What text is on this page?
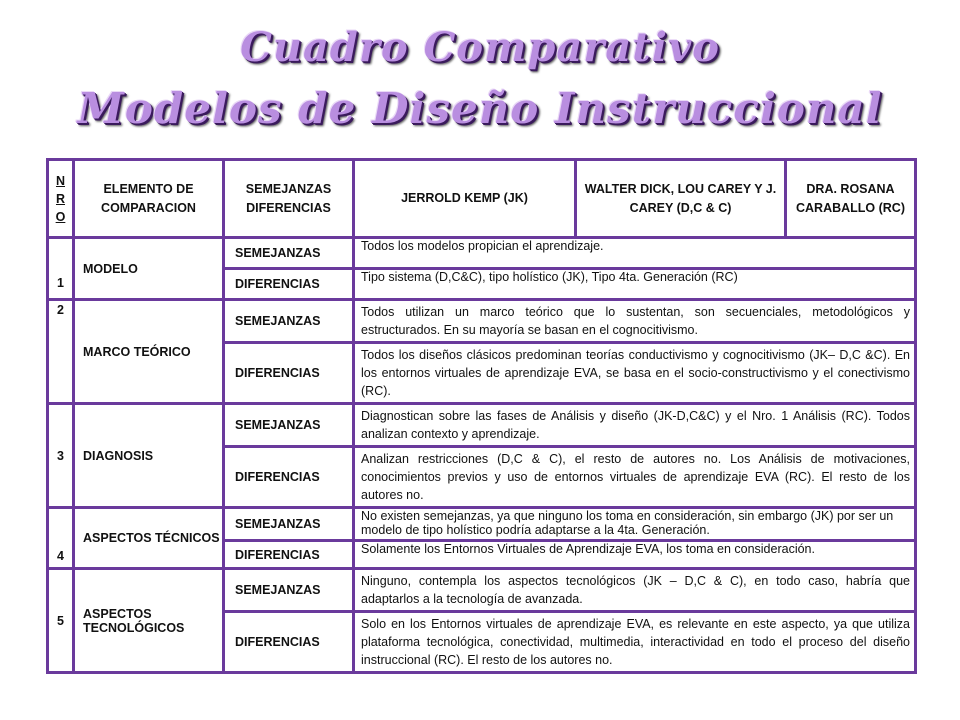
Cuadro Comparativo
Modelos de Diseño Instruccional
N
R
O	ELEMENTO DE COMPARACION	SEMEJANZAS DIFERENCIAS	JERROLD KEMP (JK)	WALTER DICK, LOU CAREY Y J. CAREY (D,C & C)	DRA. ROSANA CARABALLO (RC)
1	MODELO	SEMEJANZAS	Todos los modelos propician el aprendizaje.		
		DIFERENCIAS	Tipo sistema (D,C&C), tipo holístico (JK), Tipo 4ta. Generación (RC)		
2	MARCO TEÓRICO	SEMEJANZAS	Todos utilizan un marco teórico que lo sustentan, son secuenciales, metodológicos y estructurados. En su mayoría se basan en el cognocitivismo.		
		DIFERENCIAS	Todos los diseños clásicos predominan teorías conductivismo y cognocitivismo (JK– D,C &C). En los entornos virtuales de aprendizaje EVA, se basa en el socio-constructivismo y el conectivismo (RC).		
3	DIAGNOSIS	SEMEJANZAS	Diagnostican sobre las fases de Análisis y diseño (JK-D,C&C) y el Nro. 1 Análisis (RC). Todos analizan contexto y aprendizaje.		
		DIFERENCIAS	Analizan restricciones (D,C & C), el resto de autores no. Los Análisis de motivaciones, conocimientos previos y uso de entornos virtuales de aprendizaje EVA (RC). El resto de los autores no.		
4	ASPECTOS TÉCNICOS	SEMEJANZAS	No existen semejanzas, ya que ninguno los toma en consideración, sin embargo (JK) por ser un modelo de tipo holístico podría adaptarse a la 4ta. Generación.		
		DIFERENCIAS	Solamente los Entornos Virtuales de Aprendizaje EVA, los toma en consideración.		
5	ASPECTOS TECNOLÓGICOS	SEMEJANZAS	Ninguno, contempla los aspectos tecnológicos (JK – D,C & C), en todo caso, habría que adaptarlos a la tecnología de avanzada.		
		DIFERENCIAS	Solo en los Entornos virtuales de aprendizaje EVA, es relevante en este aspecto, ya que utiliza plataforma tecnológica, conectividad, multimedia, interactividad en todo el proceso del diseño instruccional (RC). El resto de los autores no.		
